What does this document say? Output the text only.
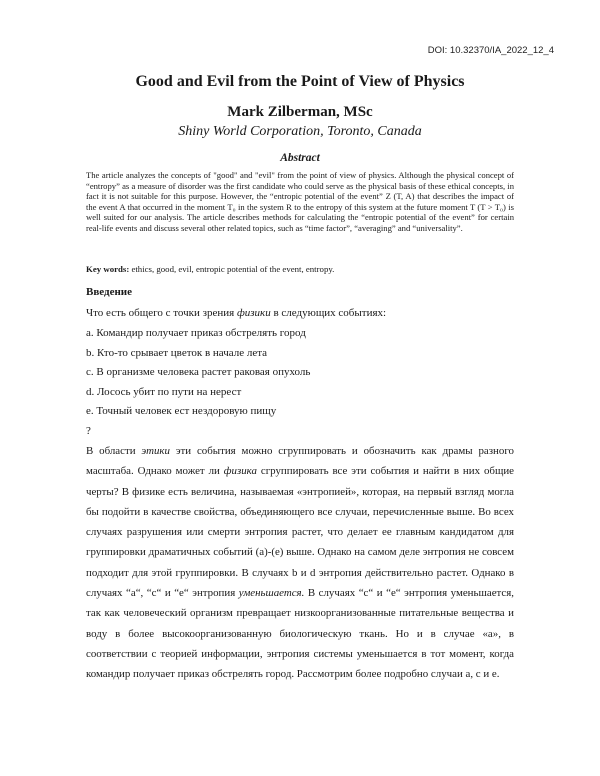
DOI: 10.32370/IA_2022_12_4
Good and Evil from the Point of View of Physics
Mark Zilberman, MSc

Shiny World Corporation, Toronto, Canada

Abstract

The article analyzes the concepts of "good" and "evil" from the point of view of physics. Although the physical concept of “entropy” as a measure of disorder was the first candidate who could serve as the physical basis of these ethical concepts, in fact it is not suitable for this purpose. However, the “entropic potential of the event” Z (T, A) that describes the impact of the event A that occurred in the moment T₀ in the system R to the entropy of this system at the future moment T (T > T₀) is well suited for our analysis. The article describes methods for calculating the “entropic potential of the event” for certain real-life events and discuss several other related topics, such as “time factor”, “averaging” and “universality”.

Key words: ethics, good, evil, entropic potential of the event, entropy.

Введение

Что есть общего с точки зрения физики в следующих событиях:

a. Командир получает приказ обстрелять город

b. Кто-то срывает цветок в начале лета

c. В организме человека растет раковая опухоль

d. Лосось убит по пути на нерест

e. Точный человек ест нездоровую пищу

?

В области этики эти события можно сгруппировать и обозначить как драмы разного масштаба. Однако может ли физика сгруппировать все эти события и найти в них общие черты? В физике есть величина, называемая «энтропией», которая, на первый взгляд могла бы подойти в качестве свойства, объединяющего все случаи, перечисленные выше. Во всех случаях разрушения или смерти энтропия растет, что делает ее главным кандидатом для группировки драматичных событий (a)-(e) выше. Однако на самом деле энтропия не совсем подходит для этой группировки. В случаях b и d энтропия действительно растет. Однако в случаях “a“, “c“ и “e“ энтропия уменьшается. В случаях “c“ и “e“ энтропия уменьшается, так как человеческий организм превращает низкоорганизованные питательные вещества и воду в более высокоорганизованную биологическую ткань. Но и в случае «a», в соответствии с теорией информации, энтропия системы уменьшается в тот момент, когда командир получает приказ обстрелять город. Рассмотрим более подробно случаи a, c и e.
